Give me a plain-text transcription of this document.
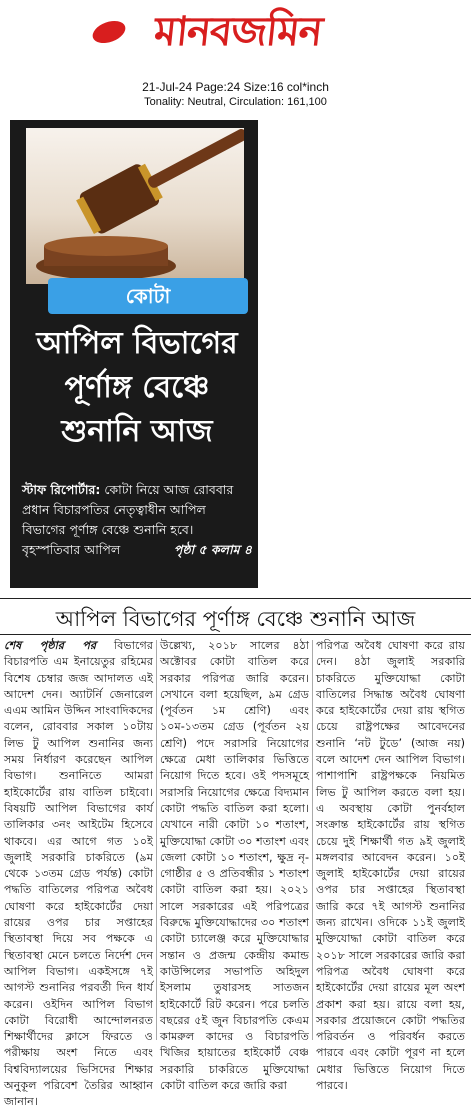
মানবজমিন
21-Jul-24 Page:24 Size:16 col*inch
Tonality: Neutral, Circulation: 161,100
কোটা
আপিল বিভাগের পূর্ণাঙ্গ বেঞ্চে শুনানি আজ
স্টাফ রিপোর্টার: কোটা নিয়ে আজ রোববার প্রধান বিচারপতির নেতৃত্বাধীন আপিল বিভাগের পূর্ণাঙ্গ বেঞ্চে শুনানি হবে। বৃহস্পতিবার আপিল	পৃষ্ঠা ৫ কলাম ৪
আপিল বিভাগের পূর্ণাঙ্গ বেঞ্চে শুনানি আজ
শেষ পৃষ্ঠার পর বিভাগের বিচারপতি এম ইনায়েতুর রহিমের বিশেষ চেম্বার জজ আদালত এই আদেশ দেন। অ্যাটর্নি জেনারেল এএম আমিন উদ্দিন সাংবাদিকদের বলেন, রোববার সকাল ১০টায় লিভ টু আপিল শুনানির জন্য সময় নির্ধারণ করেছেন আপিল বিভাগ। শুনানিতে আমরা হাইকোর্টের রায় বাতিল চাইবো। বিষয়টি আপিল বিভাগের কার্য তালিকার ৩নং আইটেম হিসেবে থাকবে। এর আগে গত ১০ই জুলাই সরকারি চাকরিতে (৯ম থেকে ১৩তম গ্রেড পর্যন্ত) কোটা পদ্ধতি বাতিলের পরিপত্র অবৈধ ঘোষণা করে হাইকোর্টের দেয়া রায়ের ওপর চার সপ্তাহের স্থিতাবস্থা দিয়ে সব পক্ষকে এ স্থিতাবস্থা মেনে চলতে নির্দেশ দেন আপিল বিভাগ। একইসঙ্গে ৭ই আগস্ট শুনানির পরবর্তী দিন ধার্য করেন। ওইদিন আপিল বিভাগ কোটা বিরোধী আন্দোলনরত শিক্ষার্থীদের ক্লাসে ফিরতে ও পরীক্ষায় অংশ নিতে এবং বিশ্ববিদ্যালয়ের ভিসিদের শিক্ষার অনুকূল পরিবেশ তৈরির আহ্বান জানান।
উল্লেখ্য, ২০১৮ সালের ৪ঠা অক্টোবর কোটা বাতিল করে সরকার পরিপত্র জারি করেন। সেখানে বলা হয়েছিল, ৯ম গ্রেড (পূর্বতন ১ম শ্রেণি) এবং ১০ম-১৩তম গ্রেড (পূর্বতন ২য় শ্রেণি) পদে সরাসরি নিয়োগের ক্ষেত্রে মেধা তালিকার ভিত্তিতে নিয়োগ দিতে হবে। ওই পদসমূহে সরাসরি নিয়োগের ক্ষেত্রে বিদ্যমান কোটা পদ্ধতি বাতিল করা হলো। যেখানে নারী কোটা ১০ শতাংশ, মুক্তিযোদ্ধা কোটা ৩০ শতাংশ এবং জেলা কোটা ১০ শতাংশ, ক্ষুদ্র নৃ-গোষ্ঠীর ৫ ও প্রতিবন্ধীর ১ শতাংশ কোটা বাতিল করা হয়। ২০২১ সালে সরকারের এই পরিপত্রের বিরুদ্ধে মুক্তিযোদ্ধাদের ৩০ শতাংশ কোটা চ্যালেঞ্জ করে মুক্তিযোদ্ধার সন্তান ও প্রজন্ম কেন্দ্রীয় কমান্ড কাউন্সিলের সভাপতি অহিদুল ইসলাম তুষারসহ সাতজন হাইকোর্টে রিট করেন। পরে চলতি বছরের ৫ই জুন বিচারপতি কেএম কামরুল কাদের ও বিচারপতি খিজির হায়াতের হাইকোর্ট বেঞ্চ সরকারি চাকরিতে মুক্তিযোদ্ধা কোটা বাতিল করে জারি করা
পরিপত্র অবৈধ ঘোষণা করে রায় দেন। ৪ঠা জুলাই সরকারি চাকরিতে মুক্তিযোদ্ধা কোটা বাতিলের সিদ্ধান্ত অবৈধ ঘোষণা করে হাইকোর্টের দেয়া রায় স্থগিত চেয়ে রাষ্ট্রপক্ষের আবেদনের শুনানি ‘নট টুডে’ (আজ নয়) বলে আদেশ দেন আপিল বিভাগ। পাশাপাশি রাষ্ট্রপক্ষকে নিয়মিত লিভ টু আপিল করতে বলা হয়। এ অবস্থায় কোটা পুনর্বহাল সংক্রান্ত হাইকোর্টের রায় স্থগিত চেয়ে দুই শিক্ষার্থী গত ৯ই জুলাই মঙ্গলবার আবেদন করেন। ১০ই জুলাই হাইকোর্টের দেয়া রায়ের ওপর চার সপ্তাহের স্থিতাবস্থা জারি করে ৭ই আগস্ট শুনানির জন্য রাখেন। ওদিকে ১১ই জুলাই মুক্তিযোদ্ধা কোটা বাতিল করে ২০১৮ সালে সরকারের জারি করা পরিপত্র অবৈধ ঘোষণা করে হাইকোর্টের দেয়া রায়ের মূল অংশ প্রকাশ করা হয়। রায়ে বলা হয়, সরকার প্রয়োজনে কোটা পদ্ধতির পরিবর্তন ও পরিবর্ধন করতে পারবে এবং কোটা পূরণ না হলে মেধার ভিত্তিতে নিয়োগ দিতে পারবে।
